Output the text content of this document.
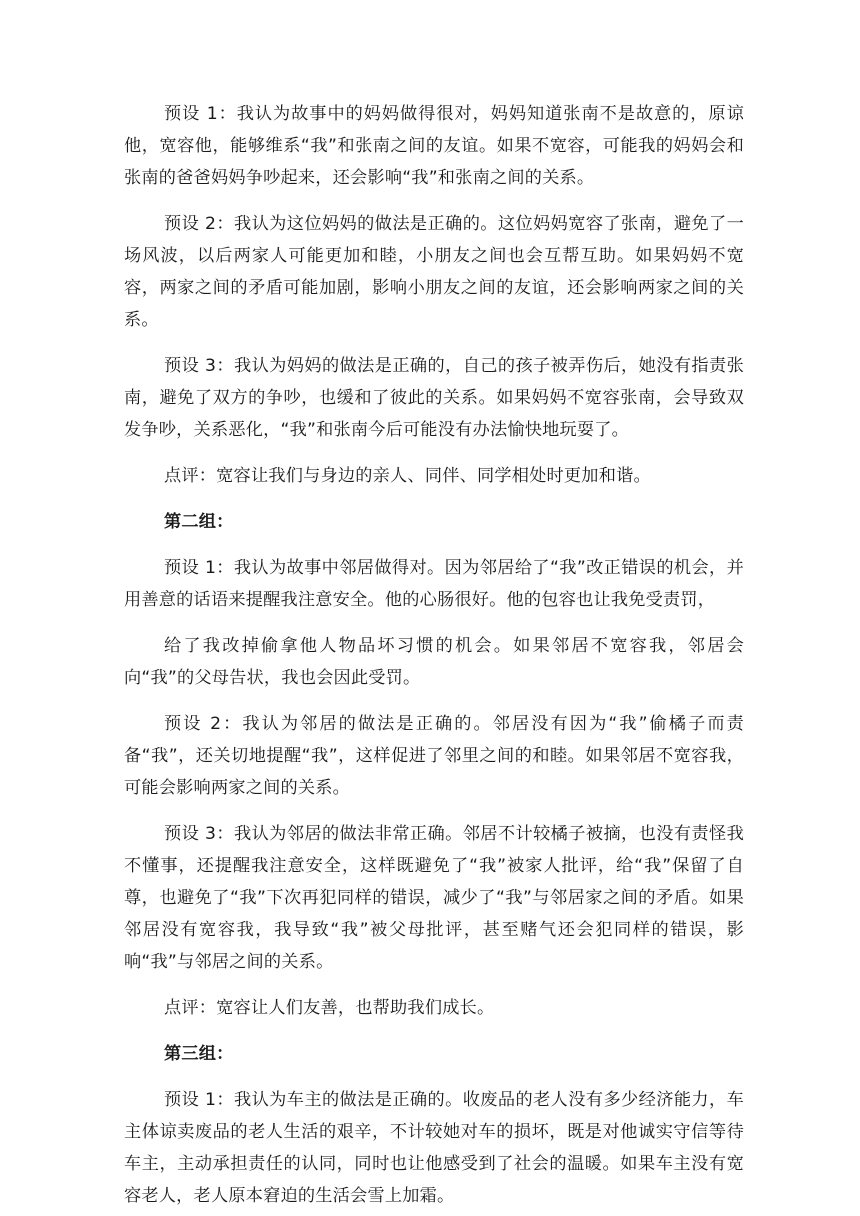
预设 1：我认为故事中的妈妈做得很对，妈妈知道张南不是故意的，原谅他，宽容他，能够维系“我”和张南之间的友谊。如果不宽容，可能我的妈妈会和张南的爸爸妈妈争吵起来，还会影响“我”和张南之间的关系。

预设 2：我认为这位妈妈的做法是正确的。这位妈妈宽容了张南，避免了一场风波，以后两家人可能更加和睦，小朋友之间也会互帮互助。如果妈妈不宽容，两家之间的矛盾可能加剧，影响小朋友之间的友谊，还会影响两家之间的关系。

预设 3：我认为妈妈的做法是正确的，自己的孩子被弄伤后，她没有指责张南，避免了双方的争吵，也缓和了彼此的关系。如果妈妈不宽容张南，会导致双发争吵，关系恶化，“我”和张南今后可能没有办法愉快地玩耍了。

点评：宽容让我们与身边的亲人、同伴、同学相处时更加和谐。

第二组：

预设 1：我认为故事中邻居做得对。因为邻居给了“我”改正错误的机会，并用善意的话语来提醒我注意安全。他的心肠很好。他的包容也让我免受责罚，

给了我改掉偷拿他人物品坏习惯的机会。如果邻居不宽容我，邻居会向“我”的父母告状，我也会因此受罚。

预设 2：我认为邻居的做法是正确的。邻居没有因为“我”偷橘子而责备“我”，还关切地提醒“我”，这样促进了邻里之间的和睦。如果邻居不宽容我，可能会影响两家之间的关系。

预设 3：我认为邻居的做法非常正确。邻居不计较橘子被摘，也没有责怪我不懂事，还提醒我注意安全，这样既避免了“我”被家人批评，给“我”保留了自尊，也避免了“我”下次再犯同样的错误，减少了“我”与邻居家之间的矛盾。如果邻居没有宽容我，我导致“我”被父母批评，甚至赌气还会犯同样的错误，影响“我”与邻居之间的关系。

点评：宽容让人们友善，也帮助我们成长。

第三组：

预设 1：我认为车主的做法是正确的。收废品的老人没有多少经济能力，车主体谅卖废品的老人生活的艰辛，不计较她对车的损坏，既是对他诚实守信等待车主，主动承担责任的认同，同时也让他感受到了社会的温暖。如果车主没有宽容老人，老人原本窘迫的生活会雪上加霜。
